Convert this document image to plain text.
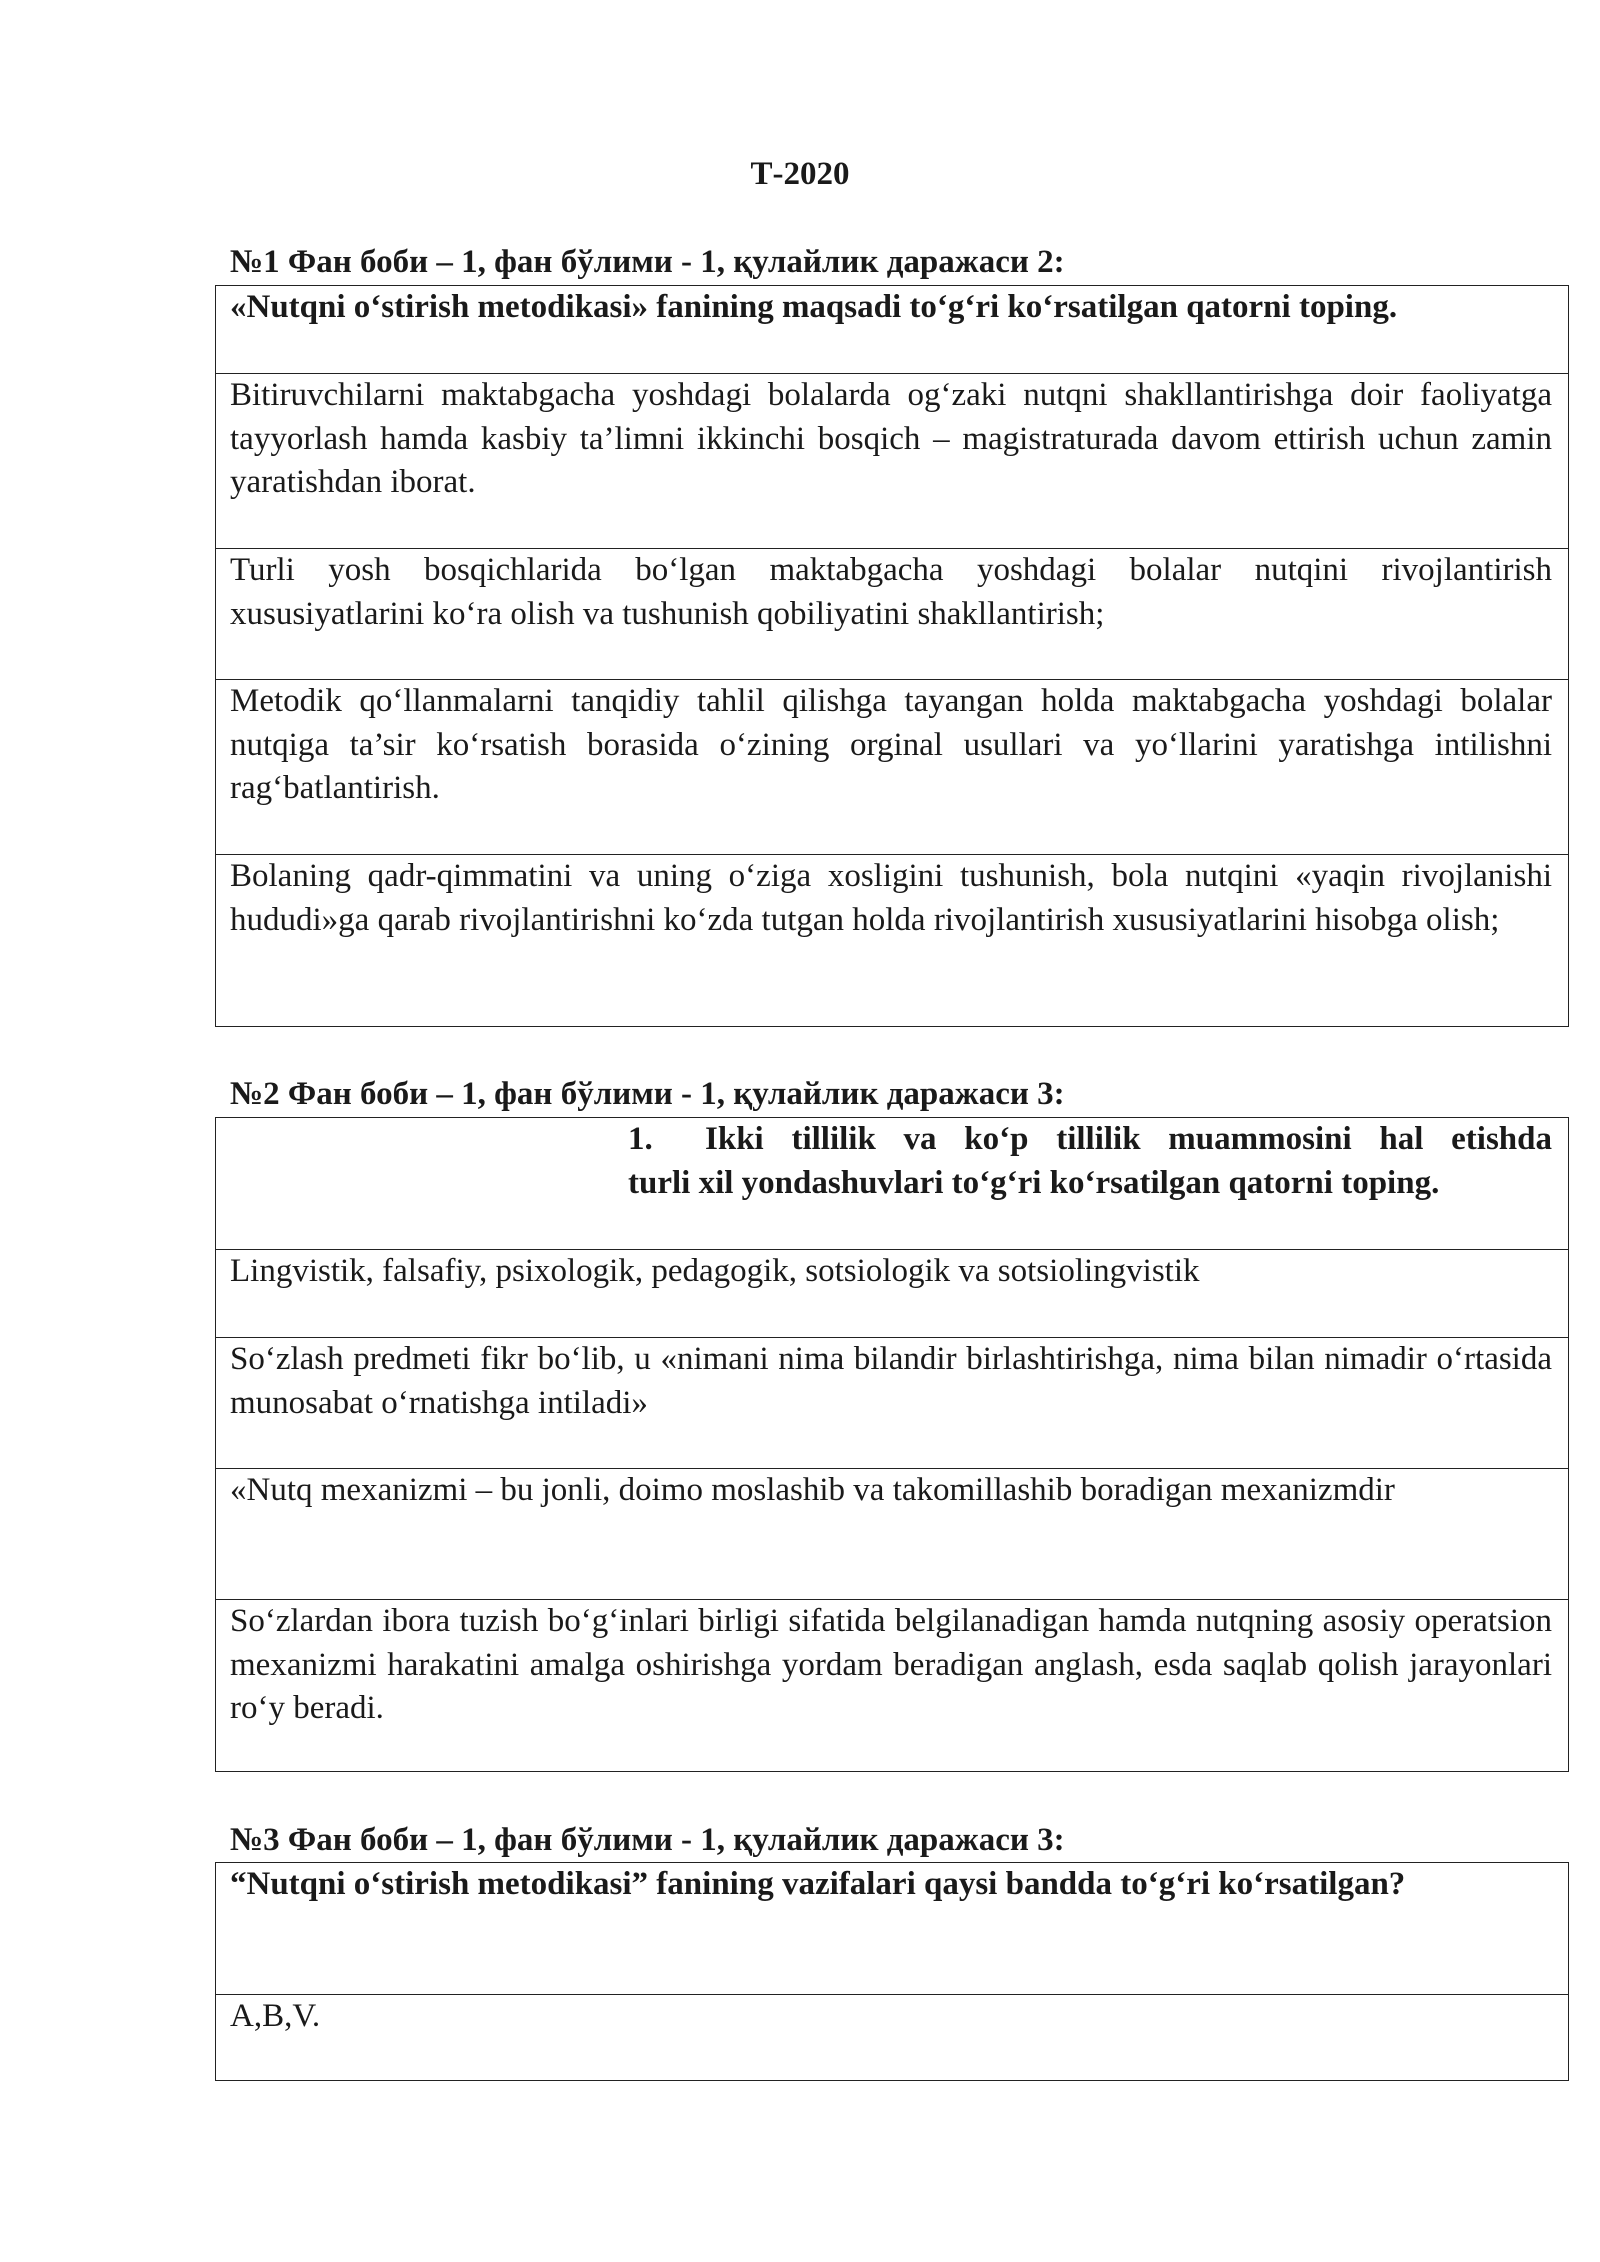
Т-2020
№1 Фан боби – 1, фан бўлими - 1, қулайлик даражаси 2:
«Nutqni o‘stirish metodikasi» fanining maqsadi to‘g‘ri ko‘rsatilgan qatorni toping.
Bitiruvchilarni maktabgacha yoshdagi bolalarda og‘zaki nutqni shakllantirishga doir faoliyatga tayyorlash hamda kasbiy ta’limni ikkinchi bosqich – magistraturada davom ettirish uchun zamin yaratishdan iborat.
Turli yosh bosqichlarida bo‘lgan maktabgacha yoshdagi bolalar nutqini rivojlantirish xususiyatlarini ko‘ra olish va tushunish qobiliyatini shakllantirish;
Metodik qo‘llanmalarni tanqidiy tahlil qilishga tayangan holda maktabgacha yoshdagi bolalar nutqiga ta’sir ko‘rsatish borasida o‘zining orginal usullari va yo‘llarini yaratishga intilishni rag‘batlantirish.
Bolaning qadr-qimmatini va uning o‘ziga xosligini tushunish, bola nutqini «yaqin rivojlanishi hududi»ga qarab rivojlantirishni ko‘zda tutgan holda rivojlantirish xususiyatlarini hisobga olish;
№2 Фан боби – 1, фан бўлими - 1, қулайлик даражаси 3:
1.	Ikki tillilik va ko‘p tillilik muammosini hal etishda
turli xil yondashuvlari to‘g‘ri ko‘rsatilgan qatorni toping.
Lingvistik, falsafiy, psixologik, pedagogik, sotsiologik va sotsiolingvistik
So‘zlash predmeti fikr bo‘lib, u «nimani nima bilandir birlashtirishga, nima bilan nimadir o‘rtasida munosabat o‘rnatishga intiladi»
«Nutq mexanizmi – bu jonli, doimo moslashib va takomillashib boradigan mexanizmdir
So‘zlardan ibora tuzish bo‘g‘inlari birligi sifatida belgilanadigan hamda nutqning asosiy operatsion mexanizmi harakatini amalga oshirishga yordam beradigan anglash, esda saqlab qolish jarayonlari ro‘y beradi.
№3 Фан боби – 1, фан бўлими - 1, қулайлик даражаси 3:
“Nutqni o‘stirish metodikasi” fanining vazifalari qaysi bandda to‘g‘ri ko‘rsatilgan?
A,B,V.
